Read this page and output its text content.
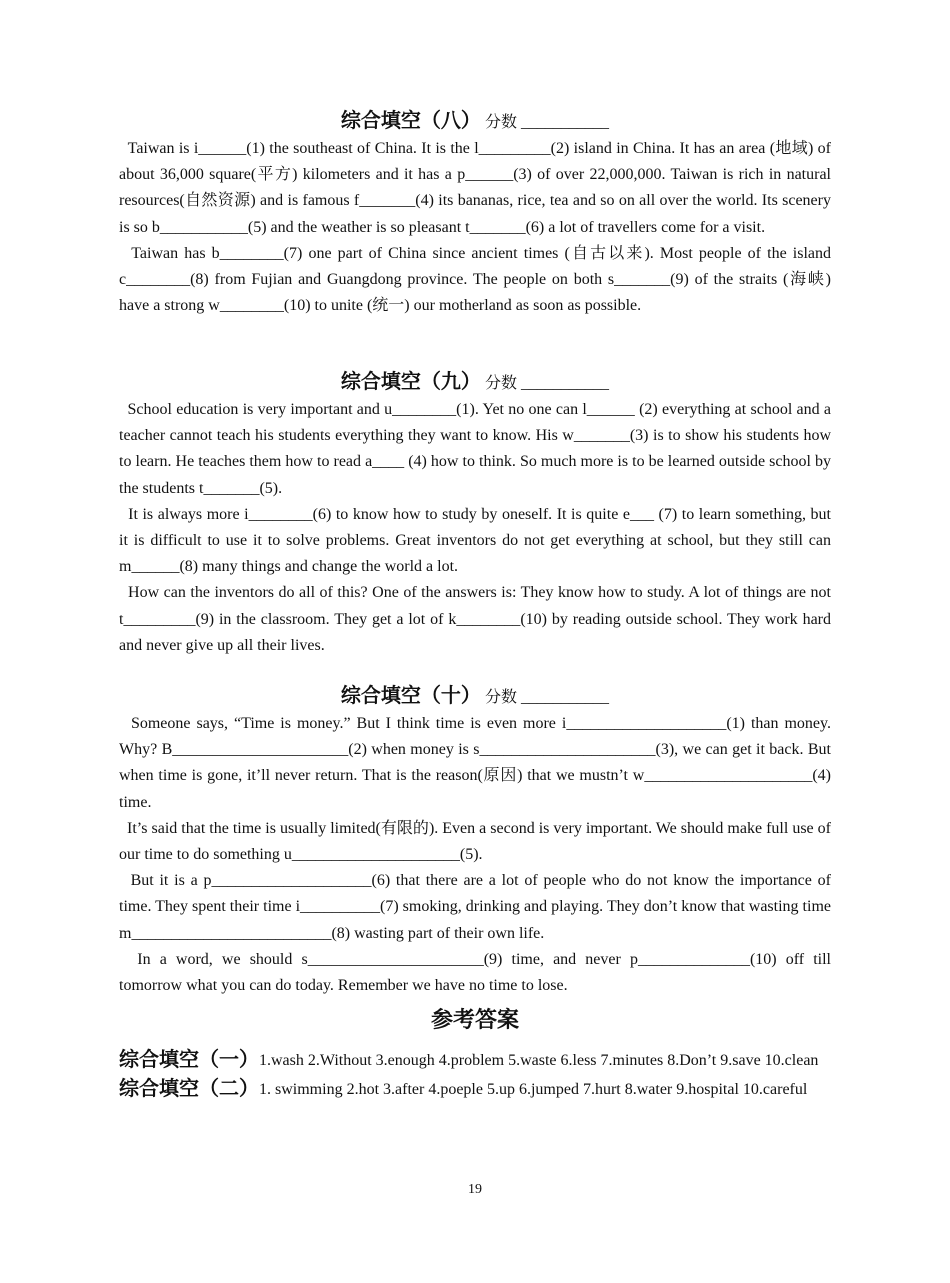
综合填空（八） 分数 ___________

Taiwan is i______(1) the southeast of China. It is the l_________(2) island in China. It has an area (地域) of about 36,000 square(平方) kilometers and it has a p______(3) of over 22,000,000. Taiwan is rich in natural resources(自然资源) and is famous f_______(4) its bananas, rice, tea and so on all over the world. Its scenery is so b___________(5) and the weather is so pleasant t_______(6) a lot of travellers come for a visit.

Taiwan has b________(7) one part of China since ancient times (自古以来). Most people of the island c________(8) from Fujian and Guangdong province. The people on both s_______(9) of the straits (海峡) have a strong w________(10) to unite (统一) our motherland as soon as possible.

综合填空（九） 分数 ___________

School education is very important and u________(1). Yet no one can l______ (2) everything at school and a teacher cannot teach his students everything they want to know. His w_______(3) is to show his students how to learn. He teaches them how to read a____ (4) how to think. So much more is to be learned outside school by the students t_______(5).

It is always more i________(6) to know how to study by oneself. It is quite e___ (7) to learn something, but it is difficult to use it to solve problems. Great inventors do not get everything at school, but they still can m______(8) many things and change the world a lot.

How can the inventors do all of this? One of the answers is: They know how to study. A lot of things are not t_________(9) in the classroom. They get a lot of k________(10) by reading outside school. They work hard and never give up all their lives.

综合填空（十） 分数 ___________

Someone says, “Time is money.” But I think time is even more i____________________(1) than money. Why? B______________________(2) when money is s______________________(3), we can get it back. But when time is gone, it’ll never return. That is the reason(原因) that we mustn’t w_____________________(4) time.

It’s said that the time is usually limited(有限的). Even a second is very important. We should make full use of our time to do something u_____________________(5).

But it is a p____________________(6) that there are a lot of people who do not know the importance of time. They spent their time i__________(7) smoking, drinking and playing. They don’t know that wasting time m_________________________(8) wasting part of their own life.

In a word, we should s______________________(9) time, and never p______________(10) off till tomorrow what you can do today. Remember we have no time to lose.

参考答案

综合填空（一） 1.wash 2.Without 3.enough 4.problem 5.waste 6.less 7.minutes 8.Don’t 9.save 10.clean
综合填空（二） 1. swimming 2.hot 3.after 4.poeple 5.up 6.jumped 7.hurt 8.water 9.hospital 10.careful
19
